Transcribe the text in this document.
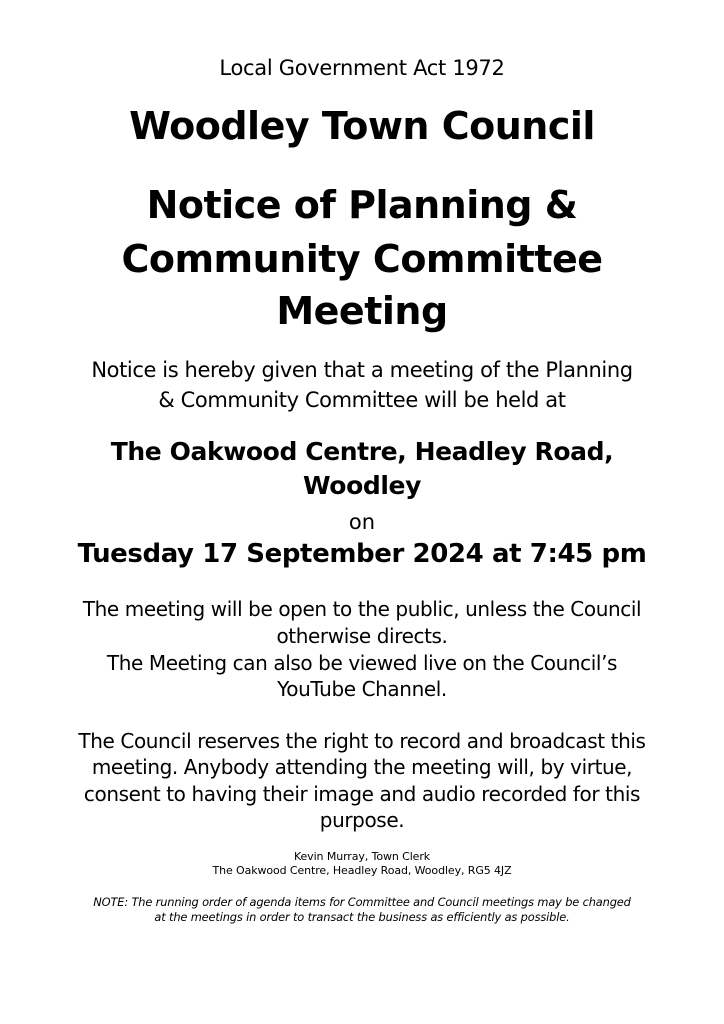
Local Government Act 1972
Woodley Town Council
Notice of Planning &
Community Committee
Meeting
Notice is hereby given that a meeting of the Planning
& Community Committee will be held at
The Oakwood Centre, Headley Road,
Woodley
on
Tuesday 17 September 2024 at 7:45 pm
The meeting will be open to the public, unless the Council
otherwise directs.
The Meeting can also be viewed live on the Council’s
YouTube Channel.
The Council reserves the right to record and broadcast this
meeting. Anybody attending the meeting will, by virtue,
consent to having their image and audio recorded for this
purpose.
Kevin Murray, Town Clerk
The Oakwood Centre, Headley Road, Woodley, RG5 4JZ
NOTE: The running order of agenda items for Committee and Council meetings may be changed
at the meetings in order to transact the business as efficiently as possible.
